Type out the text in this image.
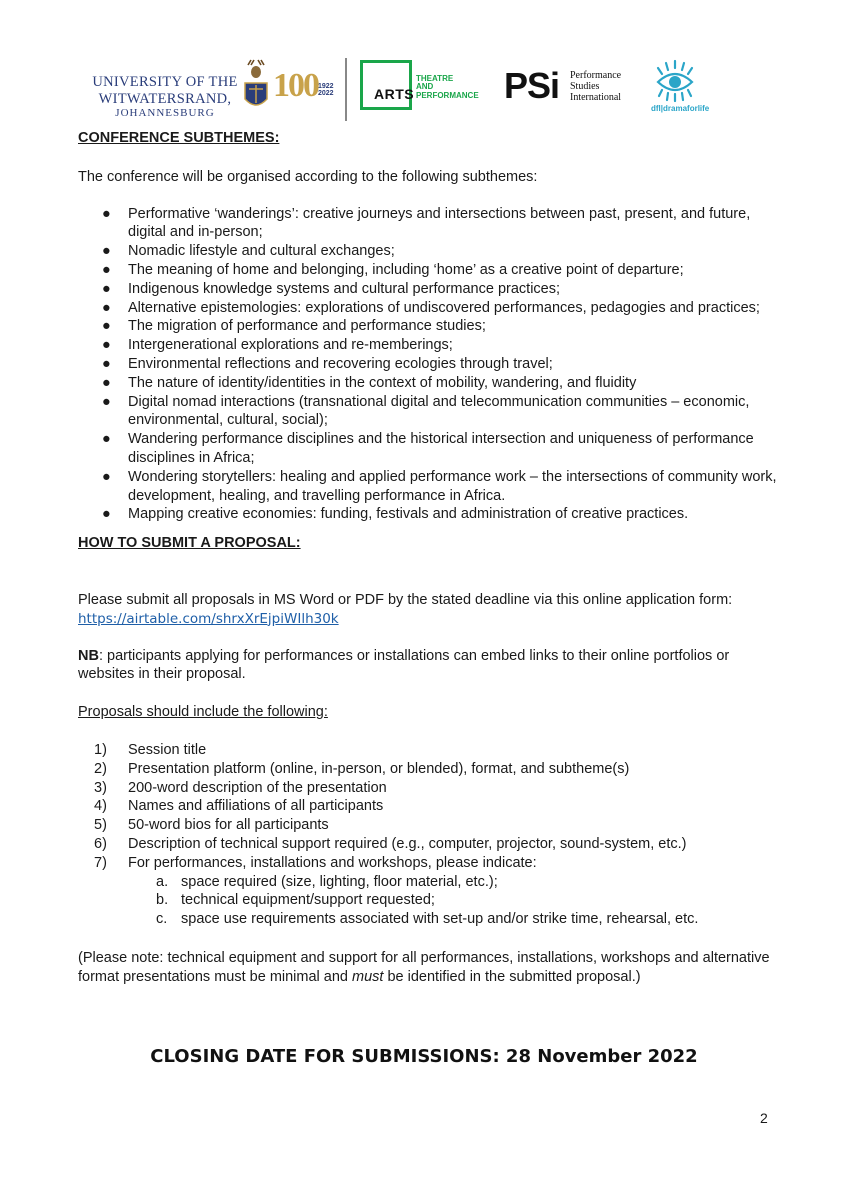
UNIVERSITY OF THE
WITWATERSRAND,
JOHANNESBURG
100 1922
2022	ARTS
THEATRE
AND
PERFORMANCE PSi Performance
Studies
International
dfl|dramaforlife

CONFERENCE SUBTHEMES:

The conference will be organised according to the following subthemes:

● Performative ‘wanderings’: creative journeys and intersections between past, present, and future, digital and in-person;
● Nomadic lifestyle and cultural exchanges;
● The meaning of home and belonging, including ‘home’ as a creative point of departure;
● Indigenous knowledge systems and cultural performance practices;
● Alternative epistemologies: explorations of undiscovered performances, pedagogies and practices;
● The migration of performance and performance studies;
● Intergenerational explorations and re-memberings;
● Environmental reflections and recovering ecologies through travel;
● The nature of identity/identities in the context of mobility, wandering, and fluidity
● Digital nomad interactions (transnational digital and telecommunication communities – economic, environmental, cultural, social);
● Wandering performance disciplines and the historical intersection and uniqueness of performance disciplines in Africa;
● Wondering storytellers: healing and applied performance work – the intersections of community work, development, healing, and travelling performance in Africa.
● Mapping creative economies: funding, festivals and administration of creative practices.

HOW TO SUBMIT A PROPOSAL:

Please submit all proposals in MS Word or PDF by the stated deadline via this online application form: https://airtable.com/shrxXrEjpiWIlh30k

NB: participants applying for performances or installations can embed links to their online portfolios or websites in their proposal.

Proposals should include the following:

1) Session title
2) Presentation platform (online, in-person, or blended), format, and subtheme(s)
3) 200-word description of the presentation
4) Names and affiliations of all participants
5) 50-word bios for all participants
6) Description of technical support required (e.g., computer, projector, sound-system, etc.)
7) For performances, installations and workshops, please indicate:
a. space required (size, lighting, floor material, etc.);
b. technical equipment/support requested;
c. space use requirements associated with set-up and/or strike time, rehearsal, etc.

(Please note: technical equipment and support for all performances, installations, workshops and alternative format presentations must be minimal and must be identified in the submitted proposal.)

CLOSING DATE FOR SUBMISSIONS: 28 November 2022
2
